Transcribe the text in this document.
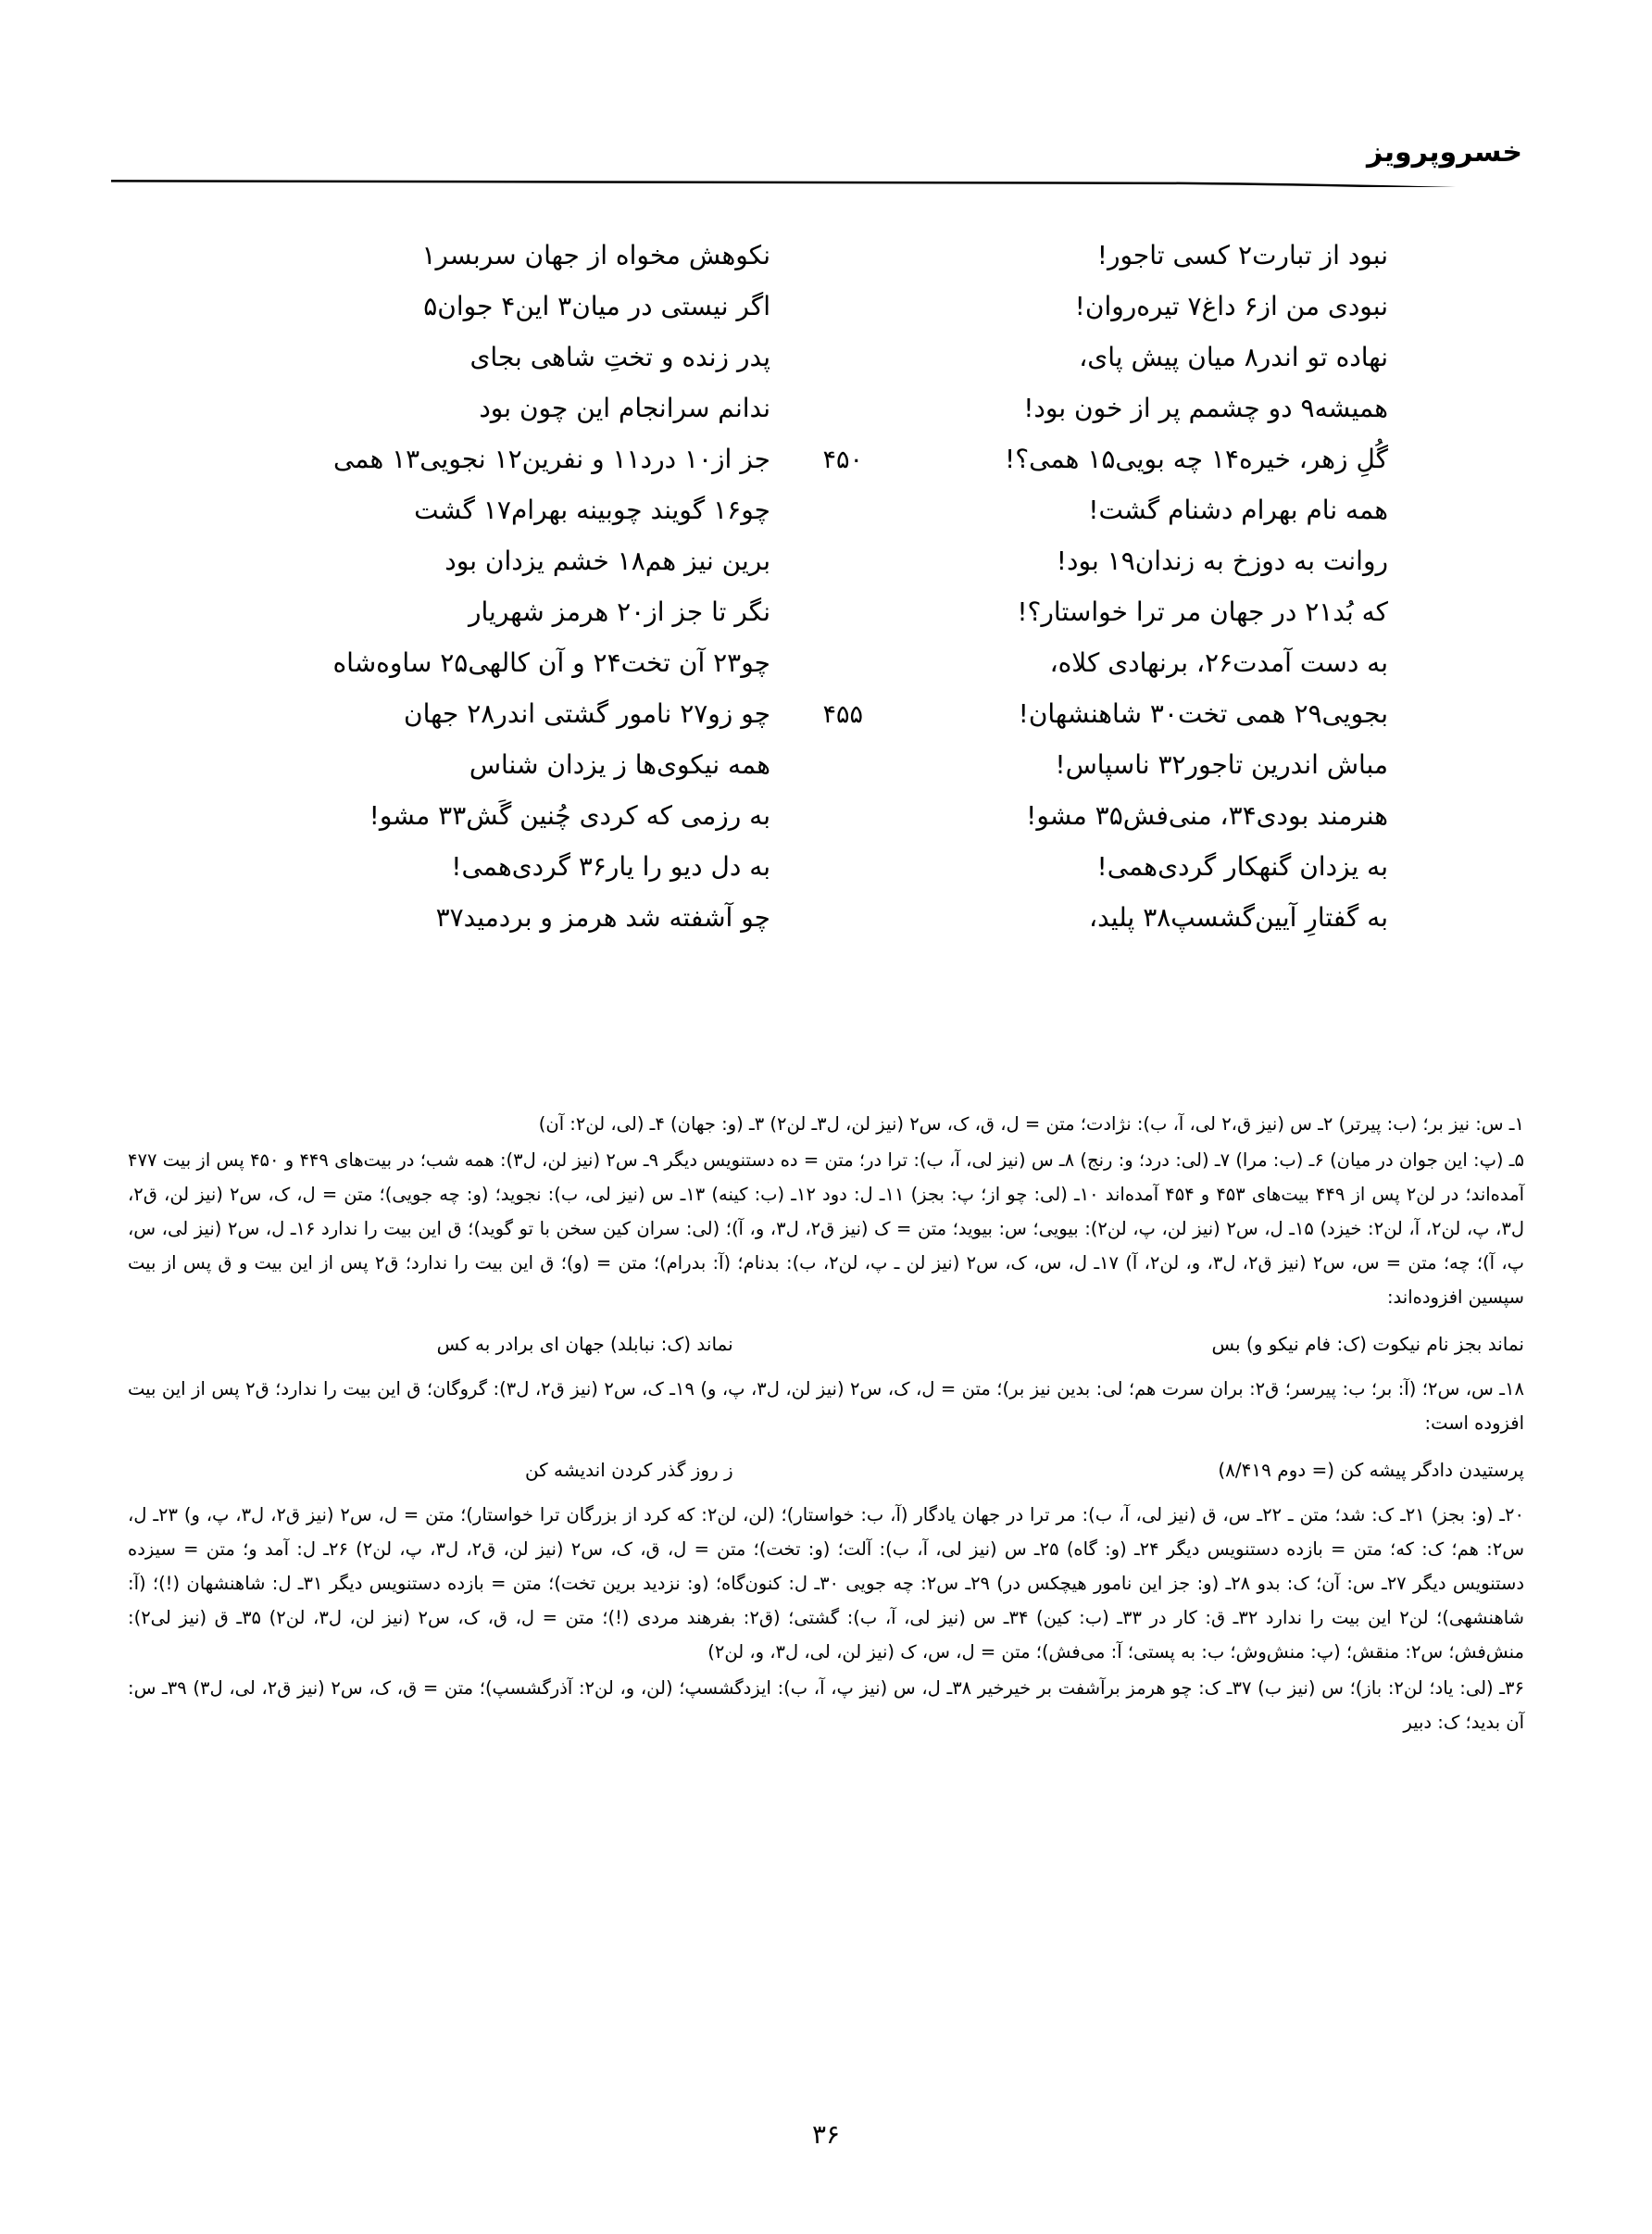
خسروپرویز
نبود از تبارت۲ کسی تاجور!
نکوهش مخواه از جهان سربسر۱
نبودی من از۶ داغ۷ تیره‌روان!
اگر نیستی در میان۳ این۴ جوان۵
نهاده تو اندر۸ میان پیش پای،
پدر زنده و تختِ شاهی بجای
همیشه۹ دو چشمم پر از خون بود!
ندانم سرانجام این چون بود
گُلِ زهر، خیره۱۴ چه بویی۱۵ همی؟!
۴۵۰
جز از۱۰ درد۱۱ و نفرین۱۲ نجویی۱۳ همی
همه نام بهرام دشنام گشت!
چو۱۶ گویند چوبینه بهرام۱۷ گشت
روانت به دوزخ به زندان۱۹ بود!
برین نیز هم۱۸ خشم یزدان بود
که بُد۲۱ در جهان مر ترا خواستار؟!
نگر تا جز از۲۰ هرمز شهریار
به دست آمدت۲۶، برنهادی کلاه،
چو۲۳ آن تخت۲۴ و آن کالهی۲۵ ساوه‌شاه
بجویی۲۹ همی تخت۳۰ شاهنشهان!
۴۵۵
چو زو۲۷ نامور گشتی اندر۲۸ جهان
مباش اندرین تاجور۳۲ ناسپاس!
همه نیکوی‌ها ز یزدان شناس
هنرمند بودی۳۴، منی‌فش۳۵ مشو!
به رزمی که کردی چُنین گَش۳۳ مشو!
به یزدان گنهکار گردی‌همی!
به دل دیو را یار۳۶ گردی‌همی!
به گفتارِ آیین‌گشسپ۳۸ پلید،
چو آشفته شد هرمز و بردمید۳۷

۱ـ س: نیز بر؛ (ب: پیرتر) ۲ـ س (نیز ق،۲ لی، آ، ب): نژادت؛ متن = ل، ق، ک، س۲ (نیز لن، ل۳ـ لن۲) ۳ـ (و: جهان) ۴ـ (لی، لن۲: آن)

۵ـ (پ: این جوان در میان) ۶ـ (ب: مرا) ۷ـ (لی: درد؛ و: رنج) ۸ـ س (نیز لی، آ، ب): ترا در؛ متن = ده دستنویس دیگر ۹ـ س۲ (نیز لن، ل۳): همه شب؛ در بیت‌های ۴۴۹ و ۴۵۰ پس از بیت ۴۷۷ آمده‌اند؛ در لن۲ پس از ۴۴۹ بیت‌های ۴۵۳ و ۴۵۴ آمده‌اند ۱۰ـ (لی: چو از؛ پ: بجز) ۱۱ـ ل: دود ۱۲ـ (ب: کینه) ۱۳ـ س (نیز لی، ب): نجوید؛ (و: چه جویی)؛ متن = ل، ک، س۲ (نیز لن، ق۲، ل۳، پ، لن۲، آ، لن۲: خیزد) ۱۵ـ ل، س۲ (نیز لن، پ، لن۲): بیویی؛ س: بیوید؛ متن = ک (نیز ق۲، ل۳، و، آ)؛ (لی: سران کین سخن با تو گوید)؛ ق این بیت را ندارد ۱۶ـ ل، س۲ (نیز لی، س، پ، آ)؛ چه؛ متن = س، س۲ (نیز ق۲، ل۳، و، لن۲، آ) ۱۷ـ ل، س، ک، س۲ (نیز لن ـ پ، لن۲، ب): بدنام؛ (آ: بدرام)؛ متن = (و)؛ ق این بیت را ندارد؛ ق۲ پس از این بیت و ق پس از بیت سپسین افزوده‌اند:

نماند بجز نام نیکوت (ک: فام نیکو و) بس
نماند (ک: نبابلد) جهان ای برادر به کس

۱۸ـ س، س۲؛ (آ: بر؛ ب: پیرسر؛ ق۲: بران سرت هم؛ لی: بدین نیز بر)؛ متن = ل، ک، س۲ (نیز لن، ل۳، پ، و) ۱۹ـ ک، س۲ (نیز ق۲، ل۳): گروگان؛ ق این بیت را ندارد؛ ق۲ پس از این بیت افزوده است:

پرستیدن دادگر پیشه کن (= دوم ۸/۴۱۹)
ز روز گذر کردن اندیشه کن

۲۰ـ (و: بجز) ۲۱ـ ک: شد؛ متن ـ ۲۲ـ س، ق (نیز لی، آ، ب): مر ترا در جهان یادگار (آ، ب: خواستار)؛ (لن، لن۲: که کرد از بزرگان ترا خواستار)؛ متن = ل، س۲ (نیز ق۲، ل۳، پ، و) ۲۳ـ ل، س۲: هم؛ ک: که؛ متن = بازده دستنویس دیگر ۲۴ـ (و: گاه) ۲۵ـ س (نیز لی، آ، ب): آلت؛ (و: تخت)؛ متن = ل، ق، ک، س۲ (نیز لن، ق۲، ل۳، پ، لن۲) ۲۶ـ ل: آمد و؛ متن = سیزده دستنویس دیگر ۲۷ـ س: آن؛ ک: بدو ۲۸ـ (و: جز این نامور هیچکس در) ۲۹ـ س۲: چه جویی ۳۰ـ ل: کنون‌گاه؛ (و: نزدید برین تخت)؛ متن = بازده دستنویس دیگر ۳۱ـ ل: شاهنشهان (!)؛ (آ: شاهنشهی)؛ لن۲ این بیت را ندارد ۳۲ـ ق: کار در ۳۳ـ (ب: کین) ۳۴ـ س (نیز لی، آ، ب): گشتی؛ (ق۲: بفرهند مردی (!)؛ متن = ل، ق، ک، س۲ (نیز لن، ل۳، لن۲) ۳۵ـ ق (نیز لی۲): منش‌فش؛ س۲: منقش؛ (پ: منش‌وش؛ ب: به پستی؛ آ: می‌فش)؛ متن = ل، س، ک (نیز لن، لی، ل۳، و، لن۲)

۳۶ـ (لی: یاد؛ لن۲: باز)؛ س (نیز ب) ۳۷ـ ک: چو هرمز برآشفت بر خیرخیر ۳۸ـ ل، س (نیز پ، آ، ب): ایزدگشسپ؛ (لن، و، لن۲: آذرگشسپ)؛ متن = ق، ک، س۲ (نیز ق۲، لی، ل۳) ۳۹ـ س: آن بدید؛ ک: دبیر

۳۶
